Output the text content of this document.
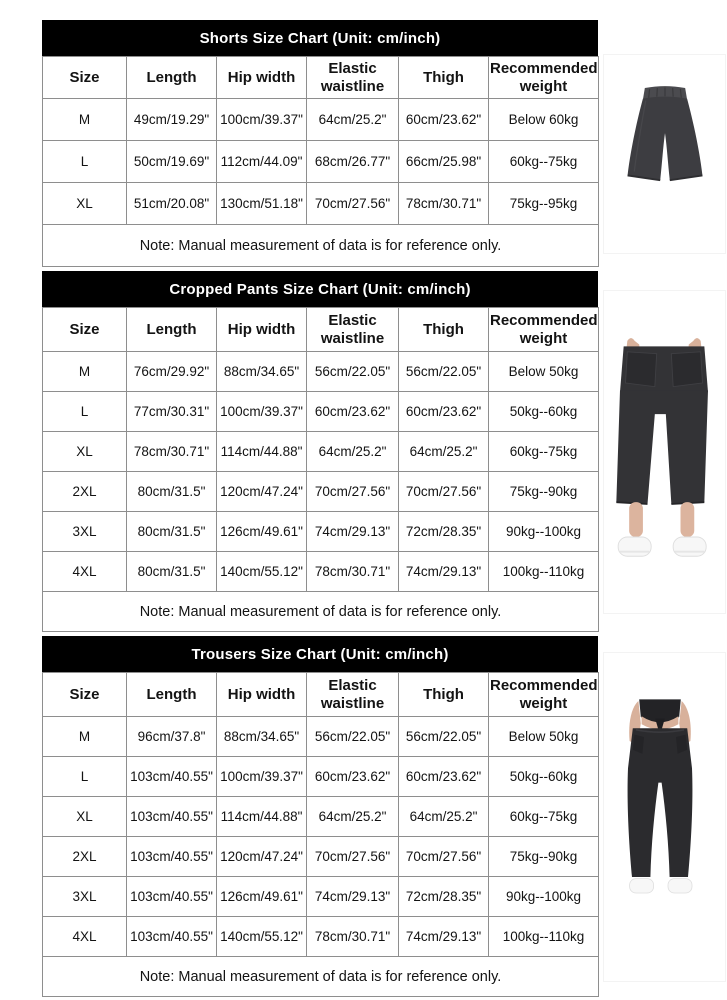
Shorts Size Chart (Unit: cm/inch)
Size	Length	Hip width	Elastic waistline	Thigh	Recommended weight
M	49cm/19.29"	100cm/39.37"	64cm/25.2"	60cm/23.62"	Below 60kg
L	50cm/19.69"	112cm/44.09"	68cm/26.77"	66cm/25.98"	60kg--75kg
XL	51cm/20.08"	130cm/51.18"	70cm/27.56"	78cm/30.71"	75kg--95kg
Note: Manual measurement of data is for reference only.					
Cropped Pants Size Chart (Unit: cm/inch)
Size	Length	Hip width	Elastic waistline	Thigh	Recommended weight
M	76cm/29.92"	88cm/34.65"	56cm/22.05"	56cm/22.05"	Below 50kg
L	77cm/30.31"	100cm/39.37"	60cm/23.62"	60cm/23.62"	50kg--60kg
XL	78cm/30.71"	114cm/44.88"	64cm/25.2"	64cm/25.2"	60kg--75kg
2XL	80cm/31.5"	120cm/47.24"	70cm/27.56"	70cm/27.56"	75kg--90kg
3XL	80cm/31.5"	126cm/49.61"	74cm/29.13"	72cm/28.35"	90kg--100kg
4XL	80cm/31.5"	140cm/55.12"	78cm/30.71"	74cm/29.13"	100kg--110kg
Note: Manual measurement of data is for reference only.					
Trousers Size Chart (Unit: cm/inch)
Size	Length	Hip width	Elastic waistline	Thigh	Recommended weight
M	96cm/37.8"	88cm/34.65"	56cm/22.05"	56cm/22.05"	Below 50kg
L	103cm/40.55"	100cm/39.37"	60cm/23.62"	60cm/23.62"	50kg--60kg
XL	103cm/40.55"	114cm/44.88"	64cm/25.2"	64cm/25.2"	60kg--75kg
2XL	103cm/40.55"	120cm/47.24"	70cm/27.56"	70cm/27.56"	75kg--90kg
3XL	103cm/40.55"	126cm/49.61"	74cm/29.13"	72cm/28.35"	90kg--100kg
4XL	103cm/40.55"	140cm/55.12"	78cm/30.71"	74cm/29.13"	100kg--110kg
Note: Manual measurement of data is for reference only.					
